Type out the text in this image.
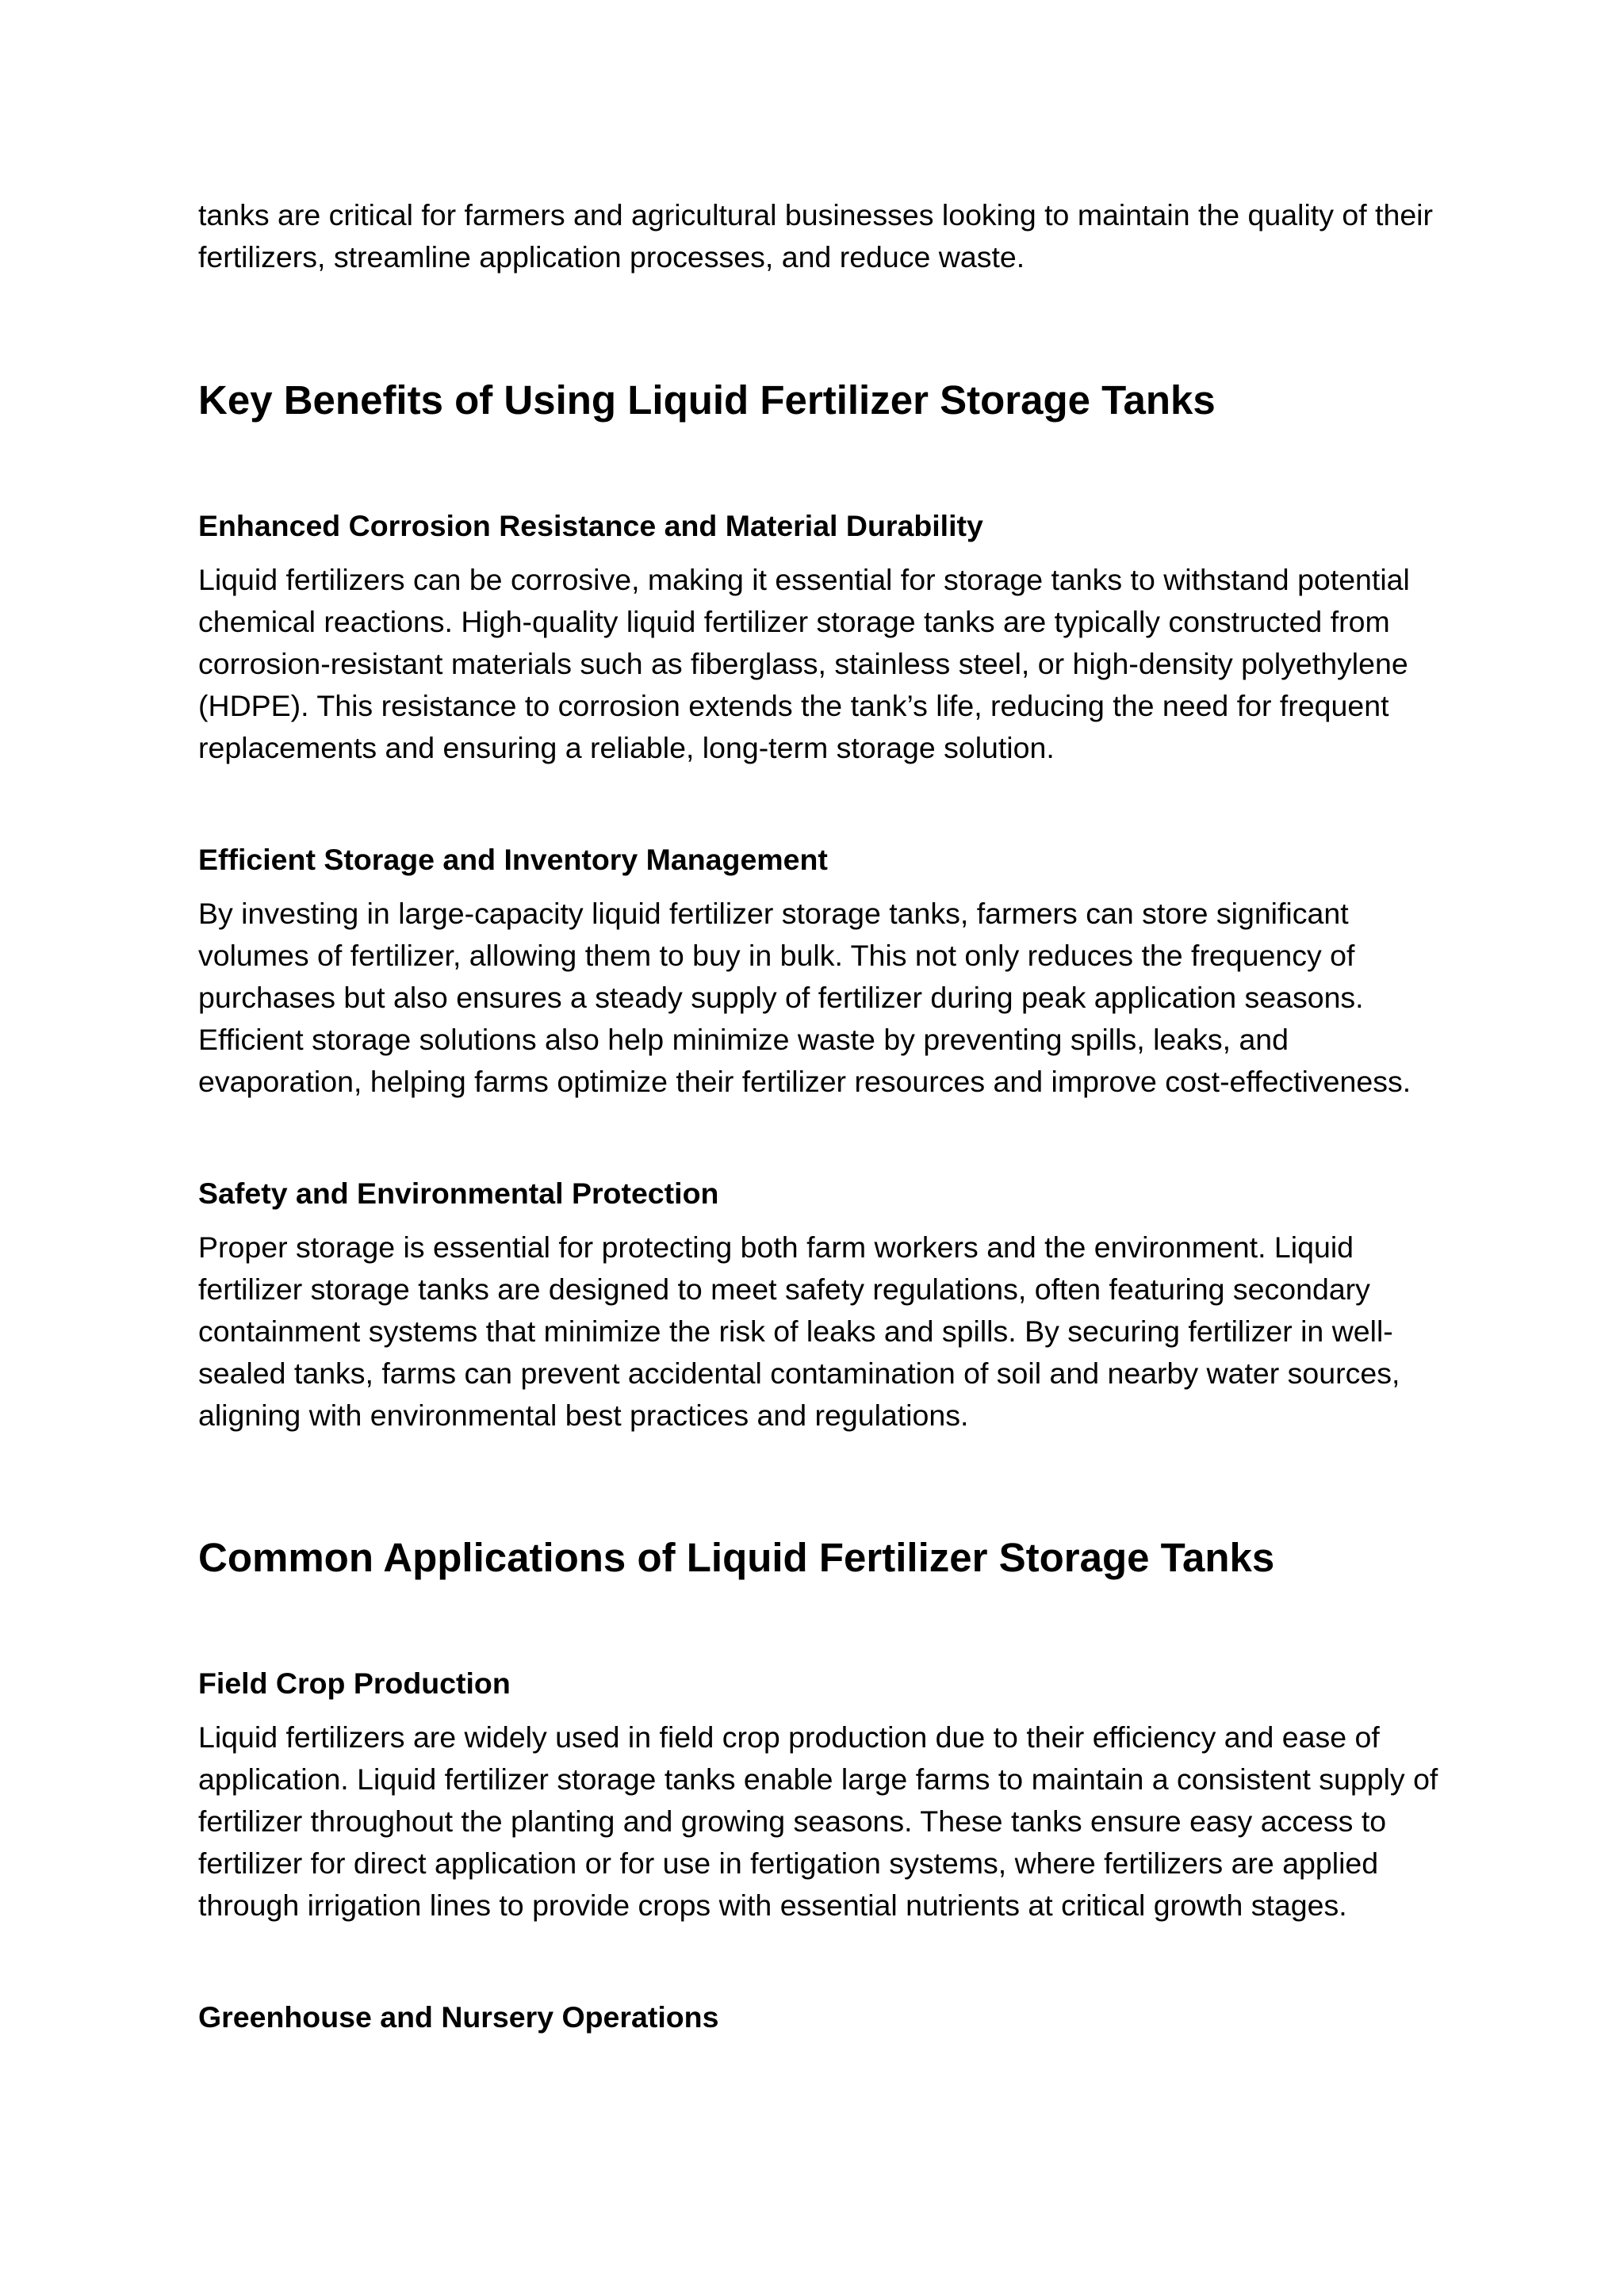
tanks are critical for farmers and agricultural businesses looking to maintain the quality of their fertilizers, streamline application processes, and reduce waste.

Key Benefits of Using Liquid Fertilizer Storage Tanks
Enhanced Corrosion Resistance and Material Durability

Liquid fertilizers can be corrosive, making it essential for storage tanks to withstand potential chemical reactions. High-quality liquid fertilizer storage tanks are typically constructed from corrosion-resistant materials such as fiberglass, stainless steel, or high-density polyethylene (HDPE). This resistance to corrosion extends the tank’s life, reducing the need for frequent replacements and ensuring a reliable, long-term storage solution.

Efficient Storage and Inventory Management

By investing in large-capacity liquid fertilizer storage tanks, farmers can store significant volumes of fertilizer, allowing them to buy in bulk. This not only reduces the frequency of purchases but also ensures a steady supply of fertilizer during peak application seasons. Efficient storage solutions also help minimize waste by preventing spills, leaks, and evaporation, helping farms optimize their fertilizer resources and improve cost-effectiveness.

Safety and Environmental Protection

Proper storage is essential for protecting both farm workers and the environment. Liquid fertilizer storage tanks are designed to meet safety regulations, often featuring secondary containment systems that minimize the risk of leaks and spills. By securing fertilizer in well-sealed tanks, farms can prevent accidental contamination of soil and nearby water sources, aligning with environmental best practices and regulations.

Common Applications of Liquid Fertilizer Storage Tanks
Field Crop Production

Liquid fertilizers are widely used in field crop production due to their efficiency and ease of application. Liquid fertilizer storage tanks enable large farms to maintain a consistent supply of fertilizer throughout the planting and growing seasons. These tanks ensure easy access to fertilizer for direct application or for use in fertigation systems, where fertilizers are applied through irrigation lines to provide crops with essential nutrients at critical growth stages.

Greenhouse and Nursery Operations
